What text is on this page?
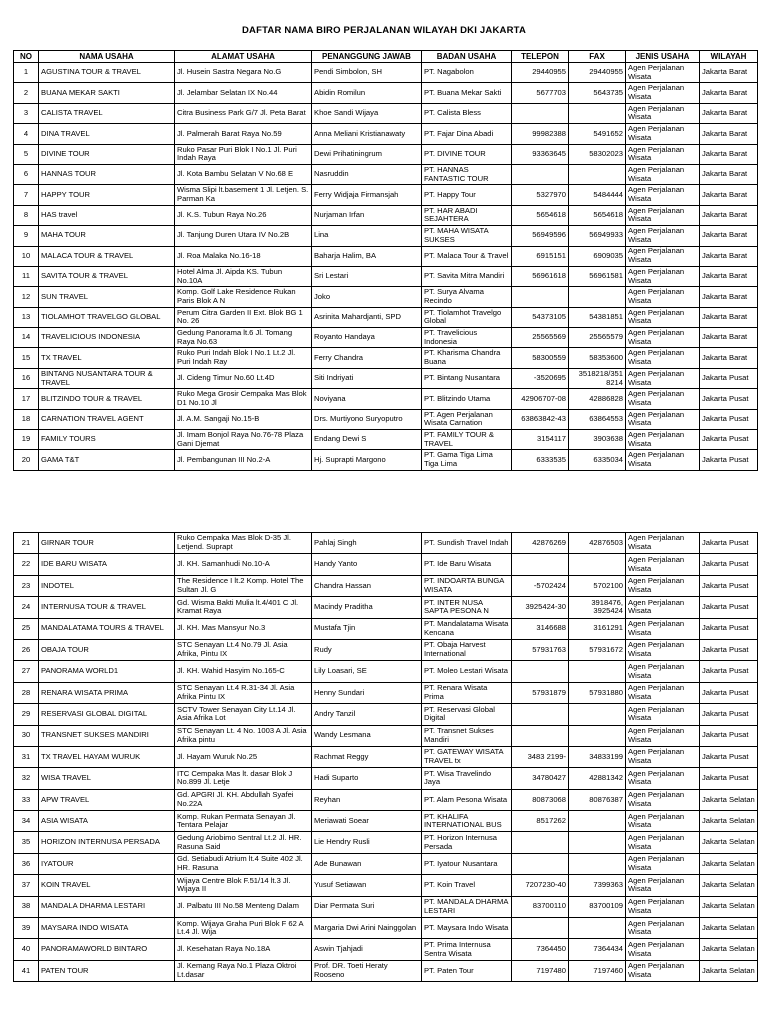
DAFTAR NAMA BIRO PERJALANAN WILAYAH DKI JAKARTA
NO	NAMA USAHA	ALAMAT USAHA	PENANGGUNG JAWAB	BADAN USAHA	TELEPON	FAX	JENIS USAHA	WILAYAH
1	AGUSTINA TOUR & TRAVEL	Jl. Husein Sastra Negara No.G	Pendi Simbolon, SH	PT. Nagabolon	29440955	29440955	Agen Perjalanan Wisata	Jakarta Barat
2	BUANA MEKAR SAKTI	Jl. Jelambar Selatan IX No.44	Abidin Romilun	PT. Buana Mekar Sakti	5677703	5643735	Agen Perjalanan Wisata	Jakarta Barat
3	CALISTA TRAVEL	Citra Business Park G/7 Jl. Peta Barat	Khoe Sandi Wijaya	PT. Calista Bless			Agen Perjalanan Wisata	Jakarta Barat
4	DINA TRAVEL	Jl. Palmerah Barat Raya No.59	Anna Meliani Kristianawaty	PT. Fajar Dina Abadi	99982388	5491652	Agen Perjalanan Wisata	Jakarta Barat
5	DIVINE TOUR	Ruko Pasar Puri Blok I No.1 Jl. Puri Indah Raya	Dewi Prihatiningrum	PT. DIVINE TOUR	93363645	58302023	Agen Perjalanan Wisata	Jakarta Barat
6	HANNAS TOUR	Jl. Kota Bambu Selatan V No.68 E	Nasruddin	PT. HANNAS FANTASTIC TOUR			Agen Perjalanan Wisata	Jakarta Barat
7	HAPPY TOUR	Wisma Slipi lt.basement 1 Jl. Letjen. S. Parman Ka	Ferry Widjaja Firmansjah	PT. Happy Tour	5327970	5484444	Agen Perjalanan Wisata	Jakarta Barat
8	HAS travel	Jl. K.S. Tubun Raya No.26	Nurjaman Irfan	PT. HAR ABADI SEJAHTERA	5654618	5654618	Agen Perjalanan Wisata	Jakarta Barat
9	MAHA TOUR	Jl. Tanjung Duren Utara IV No.2B	Lina	PT. MAHA WISATA SUKSES	56949596	56949933	Agen Perjalanan Wisata	Jakarta Barat
10	MALACA TOUR & TRAVEL	Jl. Roa Malaka No.16-18	Baharja Halim, BA	PT. Malaca Tour & Travel	6915151	6909035	Agen Perjalanan Wisata	Jakarta Barat
11	SAVITA TOUR & TRAVEL	Hotel Alma Jl. Aipda KS. Tubun No.10A	Sri Lestari	PT. Savita Mitra Mandiri	56961618	56961581	Agen Perjalanan Wisata	Jakarta Barat
12	SUN TRAVEL	Komp. Golf Lake Residence Rukan Paris Blok A N	Joko	PT. Surya Alvama Recindo			Agen Perjalanan Wisata	Jakarta Barat
13	TIOLAMHOT TRAVELGO GLOBAL	Perum Citra Garden II Ext. Blok BG 1 No. 26	Asrinita Mahardjanti, SPD	PT. Tiolamhot Travelgo Global	54373105	54381851	Agen Perjalanan Wisata	Jakarta Barat
14	TRAVELICIOUS INDONESIA	Gedung Panorama lt.6 Jl. Tomang Raya No.63	Royanto Handaya	PT. Travelicious Indonesia	25565569	25565579	Agen Perjalanan Wisata	Jakarta Barat
15	TX TRAVEL	Ruko Puri Indah Blok I No.1 Lt.2 Jl. Puri Indah Ray	Ferry Chandra	PT. Kharisma Chandra Buana	58300559	58353600	Agen Perjalanan Wisata	Jakarta Barat
16	BINTANG NUSANTARA TOUR & TRAVEL	Jl. Cideng Timur No.60 Lt.4D	Siti Indriyati	PT. Bintang Nusantara	-3520695	3518218/351 8214	Agen Perjalanan Wisata	Jakarta Pusat
17	BLITZINDO TOUR & TRAVEL	Ruko Mega Grosir Cempaka Mas Blok D1 No.10 Jl	Noviyana	PT. Blitzindo Utama	42906707-08	42886828	Agen Perjalanan Wisata	Jakarta Pusat
18	CARNATION TRAVEL AGENT	Jl. A.M. Sangaji No.15-B	Drs. Murtiyono Suryoputro	PT. Agen Perjalanan Wisata Carnation	63863842-43	63864553	Agen Perjalanan Wisata	Jakarta Pusat
19	FAMILY TOURS	Jl. Imam Bonjol Raya No.76-78 Plaza Gani Djemat	Endang Dewi S	PT. FAMILY TOUR & TRAVEL	3154117	3903638	Agen Perjalanan Wisata	Jakarta Pusat
20	GAMA T&T	Jl. Pembangunan III No.2-A	Hj. Suprapti Margono	PT. Gama Tiga Lima Tiga Lima	6333535	6335034	Agen Perjalanan Wisata	Jakarta Pusat
21	GIRNAR TOUR	Ruko Cempaka Mas Blok D-35 Jl. Letjend. Suprapt	Pahlaj Singh	PT. Sundish Travel Indah	42876269	42876503	Agen Perjalanan Wisata	Jakarta Pusat
22	IDE BARU WISATA	Jl. KH. Samanhudi No.10-A	Handy Yanto	PT. Ide Baru Wisata			Agen Perjalanan Wisata	Jakarta Pusat
23	INDOTEL	The Residence I lt.2 Komp. Hotel The Sultan Jl. G	Chandra Hassan	PT. INDOARTA BUNGA WISATA	-5702424	5702100	Agen Perjalanan Wisata	Jakarta Pusat
24	INTERNUSA TOUR & TRAVEL	Gd. Wisma Bakti Mulia lt.4/401 C Jl. Kramat Raya	Macindy Praditha	PT. INTER NUSA SAPTA PESONA N	3925424-30	3918476, 3925424	Agen Perjalanan Wisata	Jakarta Pusat
25	MANDALATAMA TOURS & TRAVEL	Jl. KH. Mas Mansyur No.3	Mustafa Tjin	PT. Mandalatama Wisata Kencana	3146688	3161291	Agen Perjalanan Wisata	Jakarta Pusat
26	OBAJA TOUR	STC Senayan Lt.4 No.79 Jl. Asia Afrika, Pintu IX	Rudy	PT. Obaja Harvest International	57931763	57931672	Agen Perjalanan Wisata	Jakarta Pusat
27	PANORAMA WORLD1	Jl. KH. Wahid Hasyim No.165-C	Lily Loasari, SE	PT. Moleo Lestari Wisata			Agen Perjalanan Wisata	Jakarta Pusat
28	RENARA WISATA PRIMA	STC Senayan Lt.4 R.31-34 Jl. Asia Afrika Pintu IX	Henny Sundari	PT. Renara Wisata Prima	57931879	57931880	Agen Perjalanan Wisata	Jakarta Pusat
29	RESERVASI GLOBAL DIGITAL	SCTV Tower Senayan City Lt.14 Jl. Asia Afrika Lot	Andry Tanzil	PT. Reservasi Global Digital			Agen Perjalanan Wisata	Jakarta Pusat
30	TRANSNET SUKSES MANDIRI	STC Senayan Lt. 4 No. 1003 A Jl. Asia Afrika pintu	Wandy Lesmana	PT. Transnet Sukses Mandiri			Agen Perjalanan Wisata	Jakarta Pusat
31	TX TRAVEL HAYAM WURUK	Jl. Hayam Wuruk No.25	Rachmat Reggy	PT. GATEWAY WISATA TRAVEL tx	3483 2199-	34833199	Agen Perjalanan Wisata	Jakarta Pusat
32	WISA TRAVEL	ITC Cempaka Mas lt. dasar Blok J No.899 Jl. Letje	Hadi Suparto	PT. Wisa Travelindo Jaya	34780427	42881342	Agen Perjalanan Wisata	Jakarta Pusat
33	APW TRAVEL	Gd. APGRI Jl. KH. Abdullah Syafei No.22A	Reyhan	PT. Alam Pesona Wisata	80873068	80876387	Agen Perjalanan Wisata	Jakarta Selatan
34	ASIA WISATA	Komp. Rukan Permata Senayan Jl. Tentara Pelajar	Meriawati Soear	PT. KHALIFA INTERNATIONAL BUS	8517262		Agen Perjalanan Wisata	Jakarta Selatan
35	HORIZON INTERNUSA PERSADA	Gedung Ariobimo Sentral Lt.2 Jl. HR. Rasuna Said	Lie Hendry Rusli	PT. Horizon Internusa Persada			Agen Perjalanan Wisata	Jakarta Selatan
36	IYATOUR	Gd. Setiabudi Atrium lt.4 Suite 402 Jl. HR. Rasuna	Ade Bunawan	PT. Iyatour Nusantara			Agen Perjalanan Wisata	Jakarta Selatan
37	KOIN TRAVEL	Wijaya Centre Blok F.51/14 lt.3 Jl. Wijaya II	Yusuf Setiawan	PT. Koin Travel	7207230-40	7399363	Agen Perjalanan Wisata	Jakarta Selatan
38	MANDALA DHARMA LESTARI	Jl. Palbatu III No.58 Menteng Dalam	Diar Permata Suri	PT. MANDALA DHARMA LESTARI	83700110	83700109	Agen Perjalanan Wisata	Jakarta Selatan
39	MAYSARA INDO WISATA	Komp. Wijaya Graha Puri Blok F 62 A Lt.4 Jl. Wija	Margaria Dwi Arini Nainggolan	PT. Maysara Indo Wisata			Agen Perjalanan Wisata	Jakarta Selatan
40	PANORAMAWORLD BINTARO	Jl. Kesehatan Raya No.18A	Aswin Tjahjadi	PT. Prima Internusa Sentra Wisata	7364450	7364434	Agen Perjalanan Wisata	Jakarta Selatan
41	PATEN TOUR	Jl. Kemang Raya No.1 Plaza Oktroi Lt.dasar	Prof. DR. Toeti Heraty Rooseno	PT. Paten Tour	7197480	7197460	Agen Perjalanan Wisata	Jakarta Selatan
